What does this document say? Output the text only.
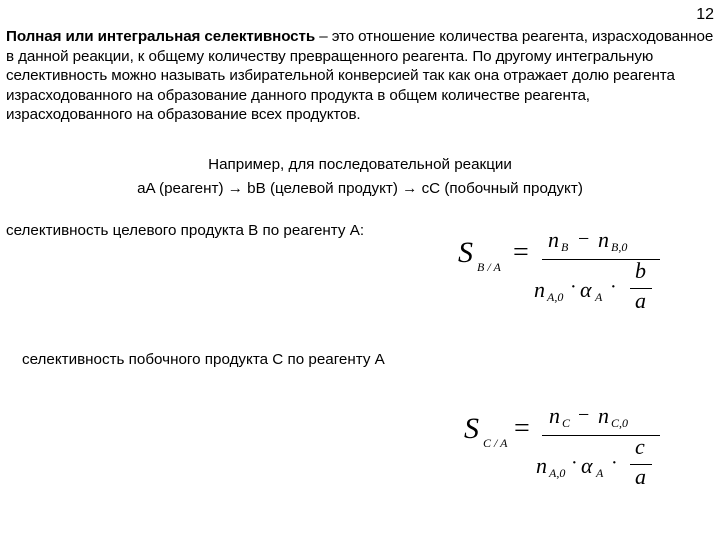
12
Полная или интегральная селективность – это отношение количества реагента, израсходованное в данной реакции, к общему количеству превращенного реагента. По другому интегральную селективность можно называть избирательной конверсией так как она отражает долю реагента израсходованного на образование данного продукта в общем количестве реагента, израсходованного на образование всех продуктов.
Например, для последовательной реакции
aA (реагент) → bB (целевой продукт) → cC (побочный продукт)
селективность целевого продукта В по реагенту А:
S B / A = n B − n B,0
n A,0 · α A ·
b
a
селективность побочного продукта С по реагенту А
S C / A = n C − n C,0
n A,0 · α A ·
c
a
